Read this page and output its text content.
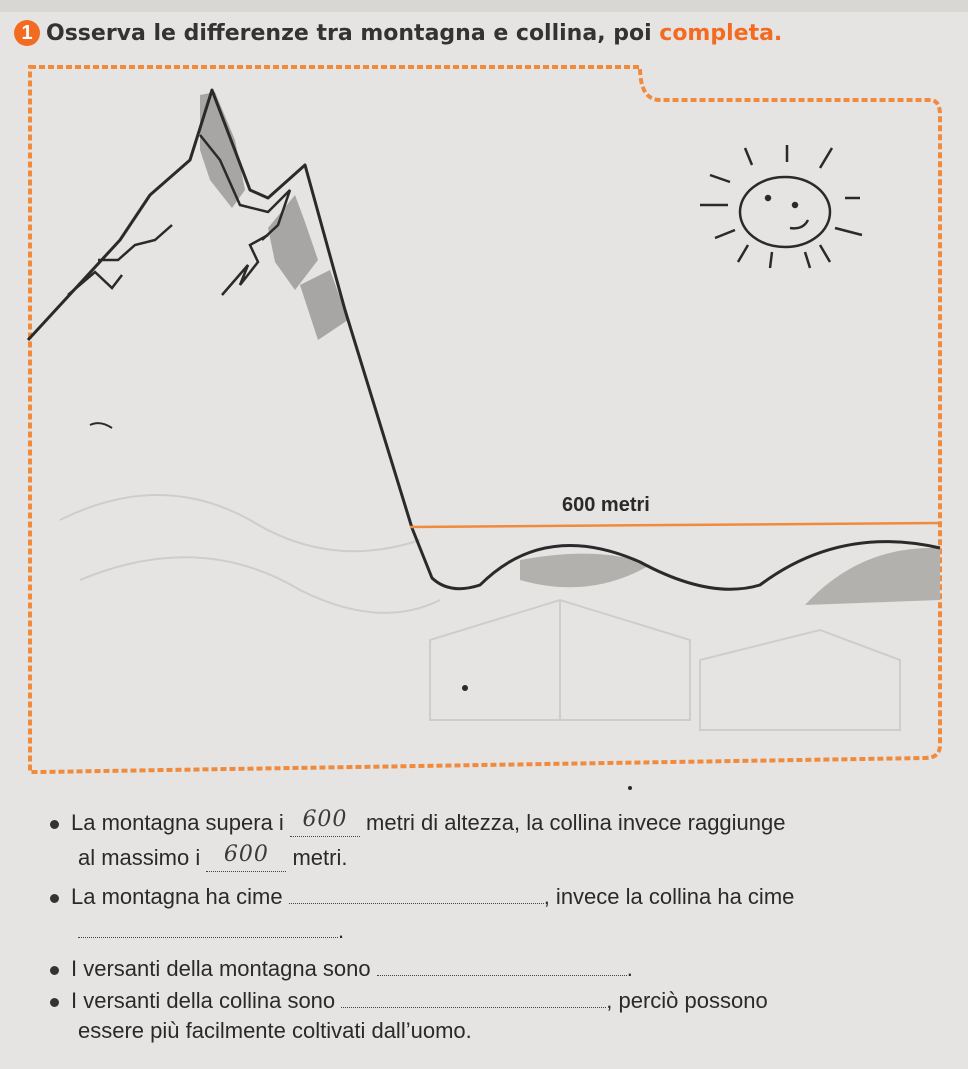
1 Osserva le differenze tra montagna e collina, poi completa.
600 metri
La montagna supera i 600 metri di altezza, la collina invece raggiunge
al massimo i 600 metri.
La montagna ha cime	, invece la collina ha cime
.
I versanti della montagna sono	.
I versanti della collina sono	, perciò possono
essere più facilmente coltivati dall’uomo.
